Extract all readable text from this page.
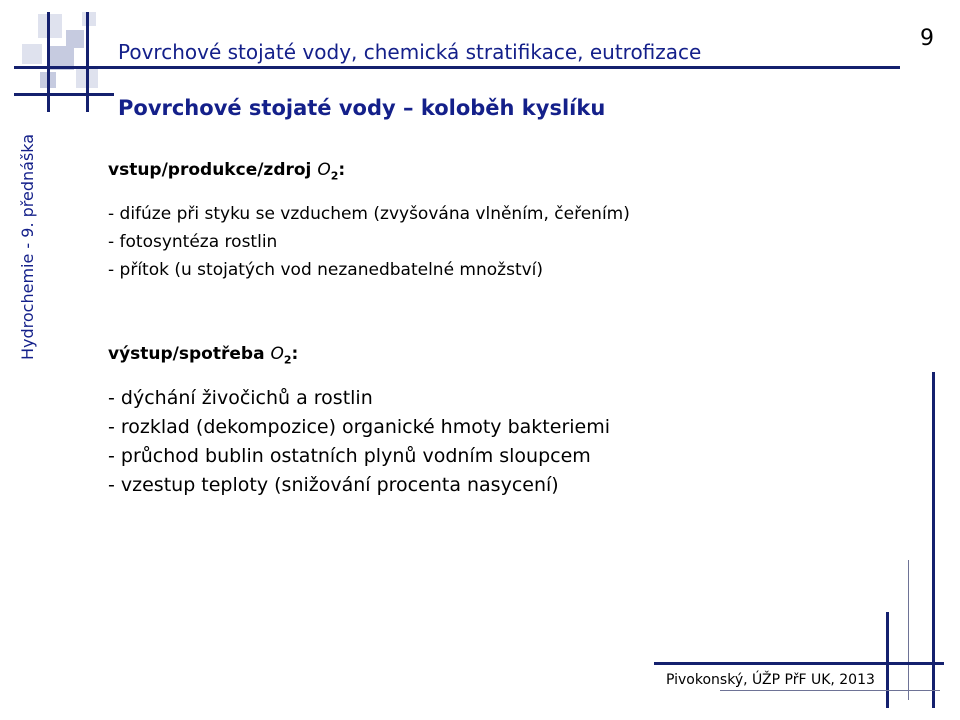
Povrchové stojaté vody, chemická stratifikace, eutrofizace
9
Povrchové stojaté vody – koloběh kyslíku
Hydrochemie - 9. přednáška	vstup/produkce/zdroj $O_2$:
- difúze při styku se vzduchem (zvyšována vlněním, čeřením)
- fotosyntéza rostlin
- přítok (u stojatých vod nezanedbatelné množství)
výstup/spotřeba $O_2$:
- dýchání živočichů a rostlin
- rozklad (dekompozice) organické hmoty bakteriemi
- průchod bublin ostatních plynů vodním sloupcem
- vzestup teploty (snižování procenta nasycení)
Pivokonský, ÚŽP PřF UK, 2013
